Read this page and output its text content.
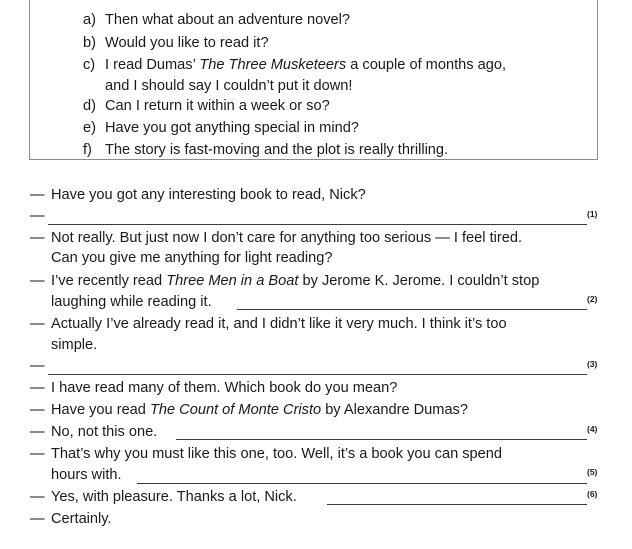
a) Then what about an adventure novel?
b) Would you like to read it?
c) I read Dumas’ The Three Musketeers a couple of months ago,
and I should say I couldn’t put it down!
d) Can I return it within a week or so?
e) Have you got anything special in mind?
f) The story is fast-moving and the plot is really thrilling.
— Have you got any interesting book to read, Nick?
—	(1)
— Not really. But just now I don’t care for anything too serious — I feel tired.
Can you give me anything for light reading?
— I’ve recently read Three Men in a Boat by Jerome K. Jerome. I couldn’t stop
laughing while reading it.	(2)
— Actually I’ve already read it, and I didn’t like it very much. I think it’s too
simple.
—	(3)
— I have read many of them. Which book do you mean?
— Have you read The Count of Monte Cristo by Alexandre Dumas?
— No, not this one.	(4)
— That’s why you must like this one, too. Well, it’s a book you can spend
hours with.	(5)
— Yes, with pleasure. Thanks a lot, Nick.	(6)
— Certainly.
